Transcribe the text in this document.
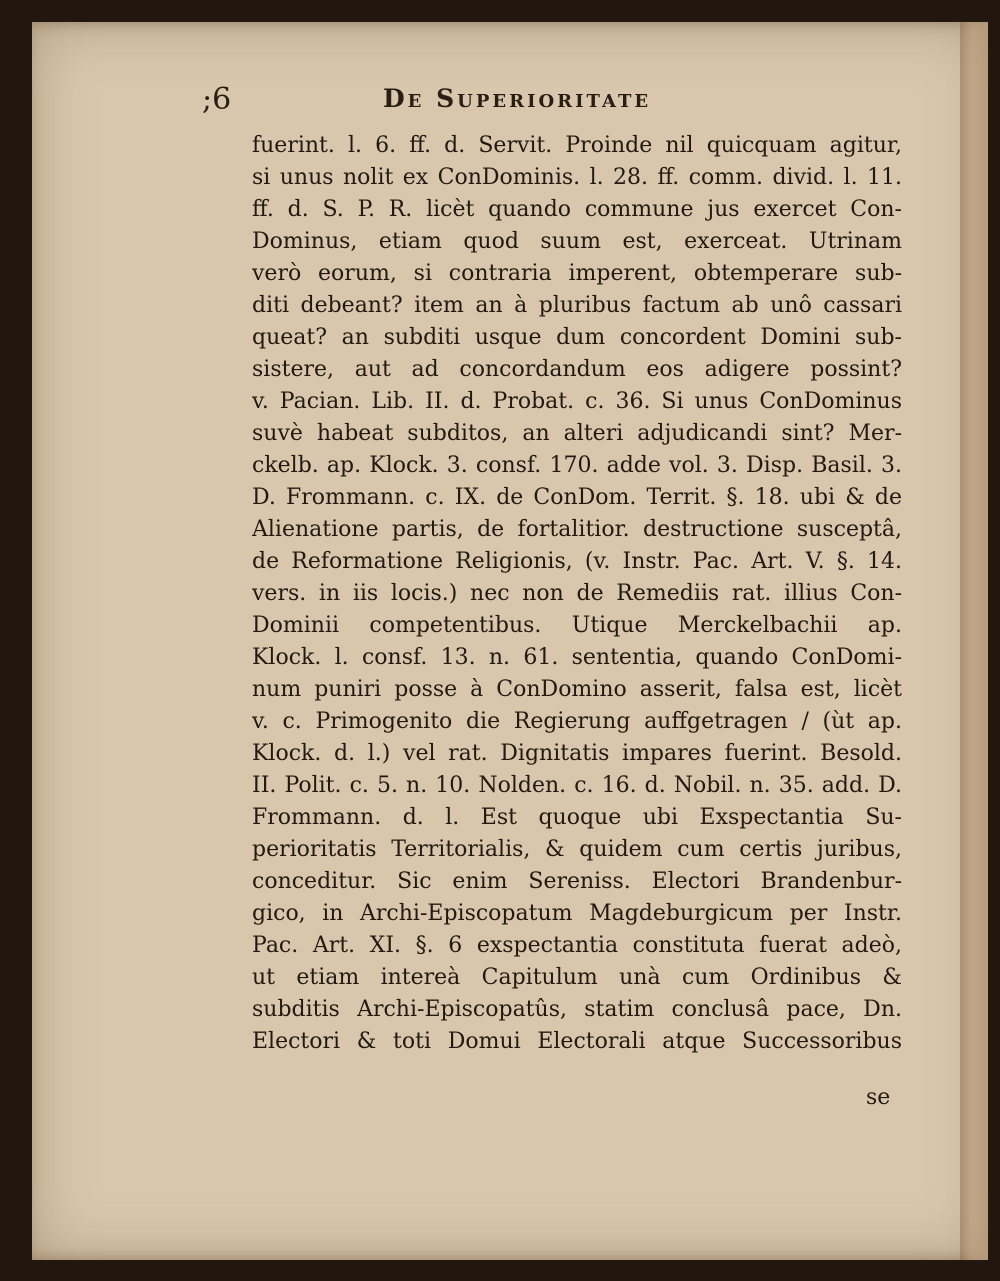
;6	De Superioritate
fuerint. l. 6. ff. d. Servit. Proinde nil quicquam agitur,
si unus nolit ex ConDominis. l. 28. ff. comm. divid. l. 11.
ff. d. S. P. R. licèt quando commune jus exercet Con-
Dominus, etiam quod suum est, exerceat. Utrinam
verò eorum, si contraria imperent, obtemperare sub-
diti debeant? item an à pluribus factum ab unô cassari
queat? an subditi usque dum concordent Domini sub-
sistere, aut ad concordandum eos adigere possint?
v. Pacian. Lib. II. d. Probat. c. 36. Si unus ConDominus
suvè habeat subditos, an alteri adjudicandi sint? Mer-
ckelb. ap. Klock. 3. consf. 170. adde vol. 3. Disp. Basil. 3.
D. Frommann. c. IX. de ConDom. Territ. §. 18. ubi & de
Alienatione partis, de fortalitior. destructione susceptâ,
de Reformatione Religionis, (v. Instr. Pac. Art. V. §. 14.
vers. in iis locis.) nec non de Remediis rat. illius Con-
Dominii competentibus. Utique Merckelbachii ap.
Klock. l. consf. 13. n. 61. sententia, quando ConDomi-
num puniri posse à ConDomino asserit, falsa est, licèt
v. c. Primogenito die Regierung auffgetragen / (ùt ap.
Klock. d. l.) vel rat. Dignitatis impares fuerint. Besold.
II. Polit. c. 5. n. 10. Nolden. c. 16. d. Nobil. n. 35. add. D.
Frommann. d. l. Est quoque ubi Exspectantia Su-
perioritatis Territorialis, & quidem cum certis juribus,
conceditur. Sic enim Sereniss. Electori Brandenbur-
gico, in Archi-Episcopatum Magdeburgicum per Instr.
Pac. Art. XI. §. 6 exspectantia constituta fuerat adeò,
ut etiam intereà Capitulum unà cum Ordinibus &
subditis Archi-Episcopatûs, statim conclusâ pace, Dn.
Electori & toti Domui Electorali atque Successoribus
se
